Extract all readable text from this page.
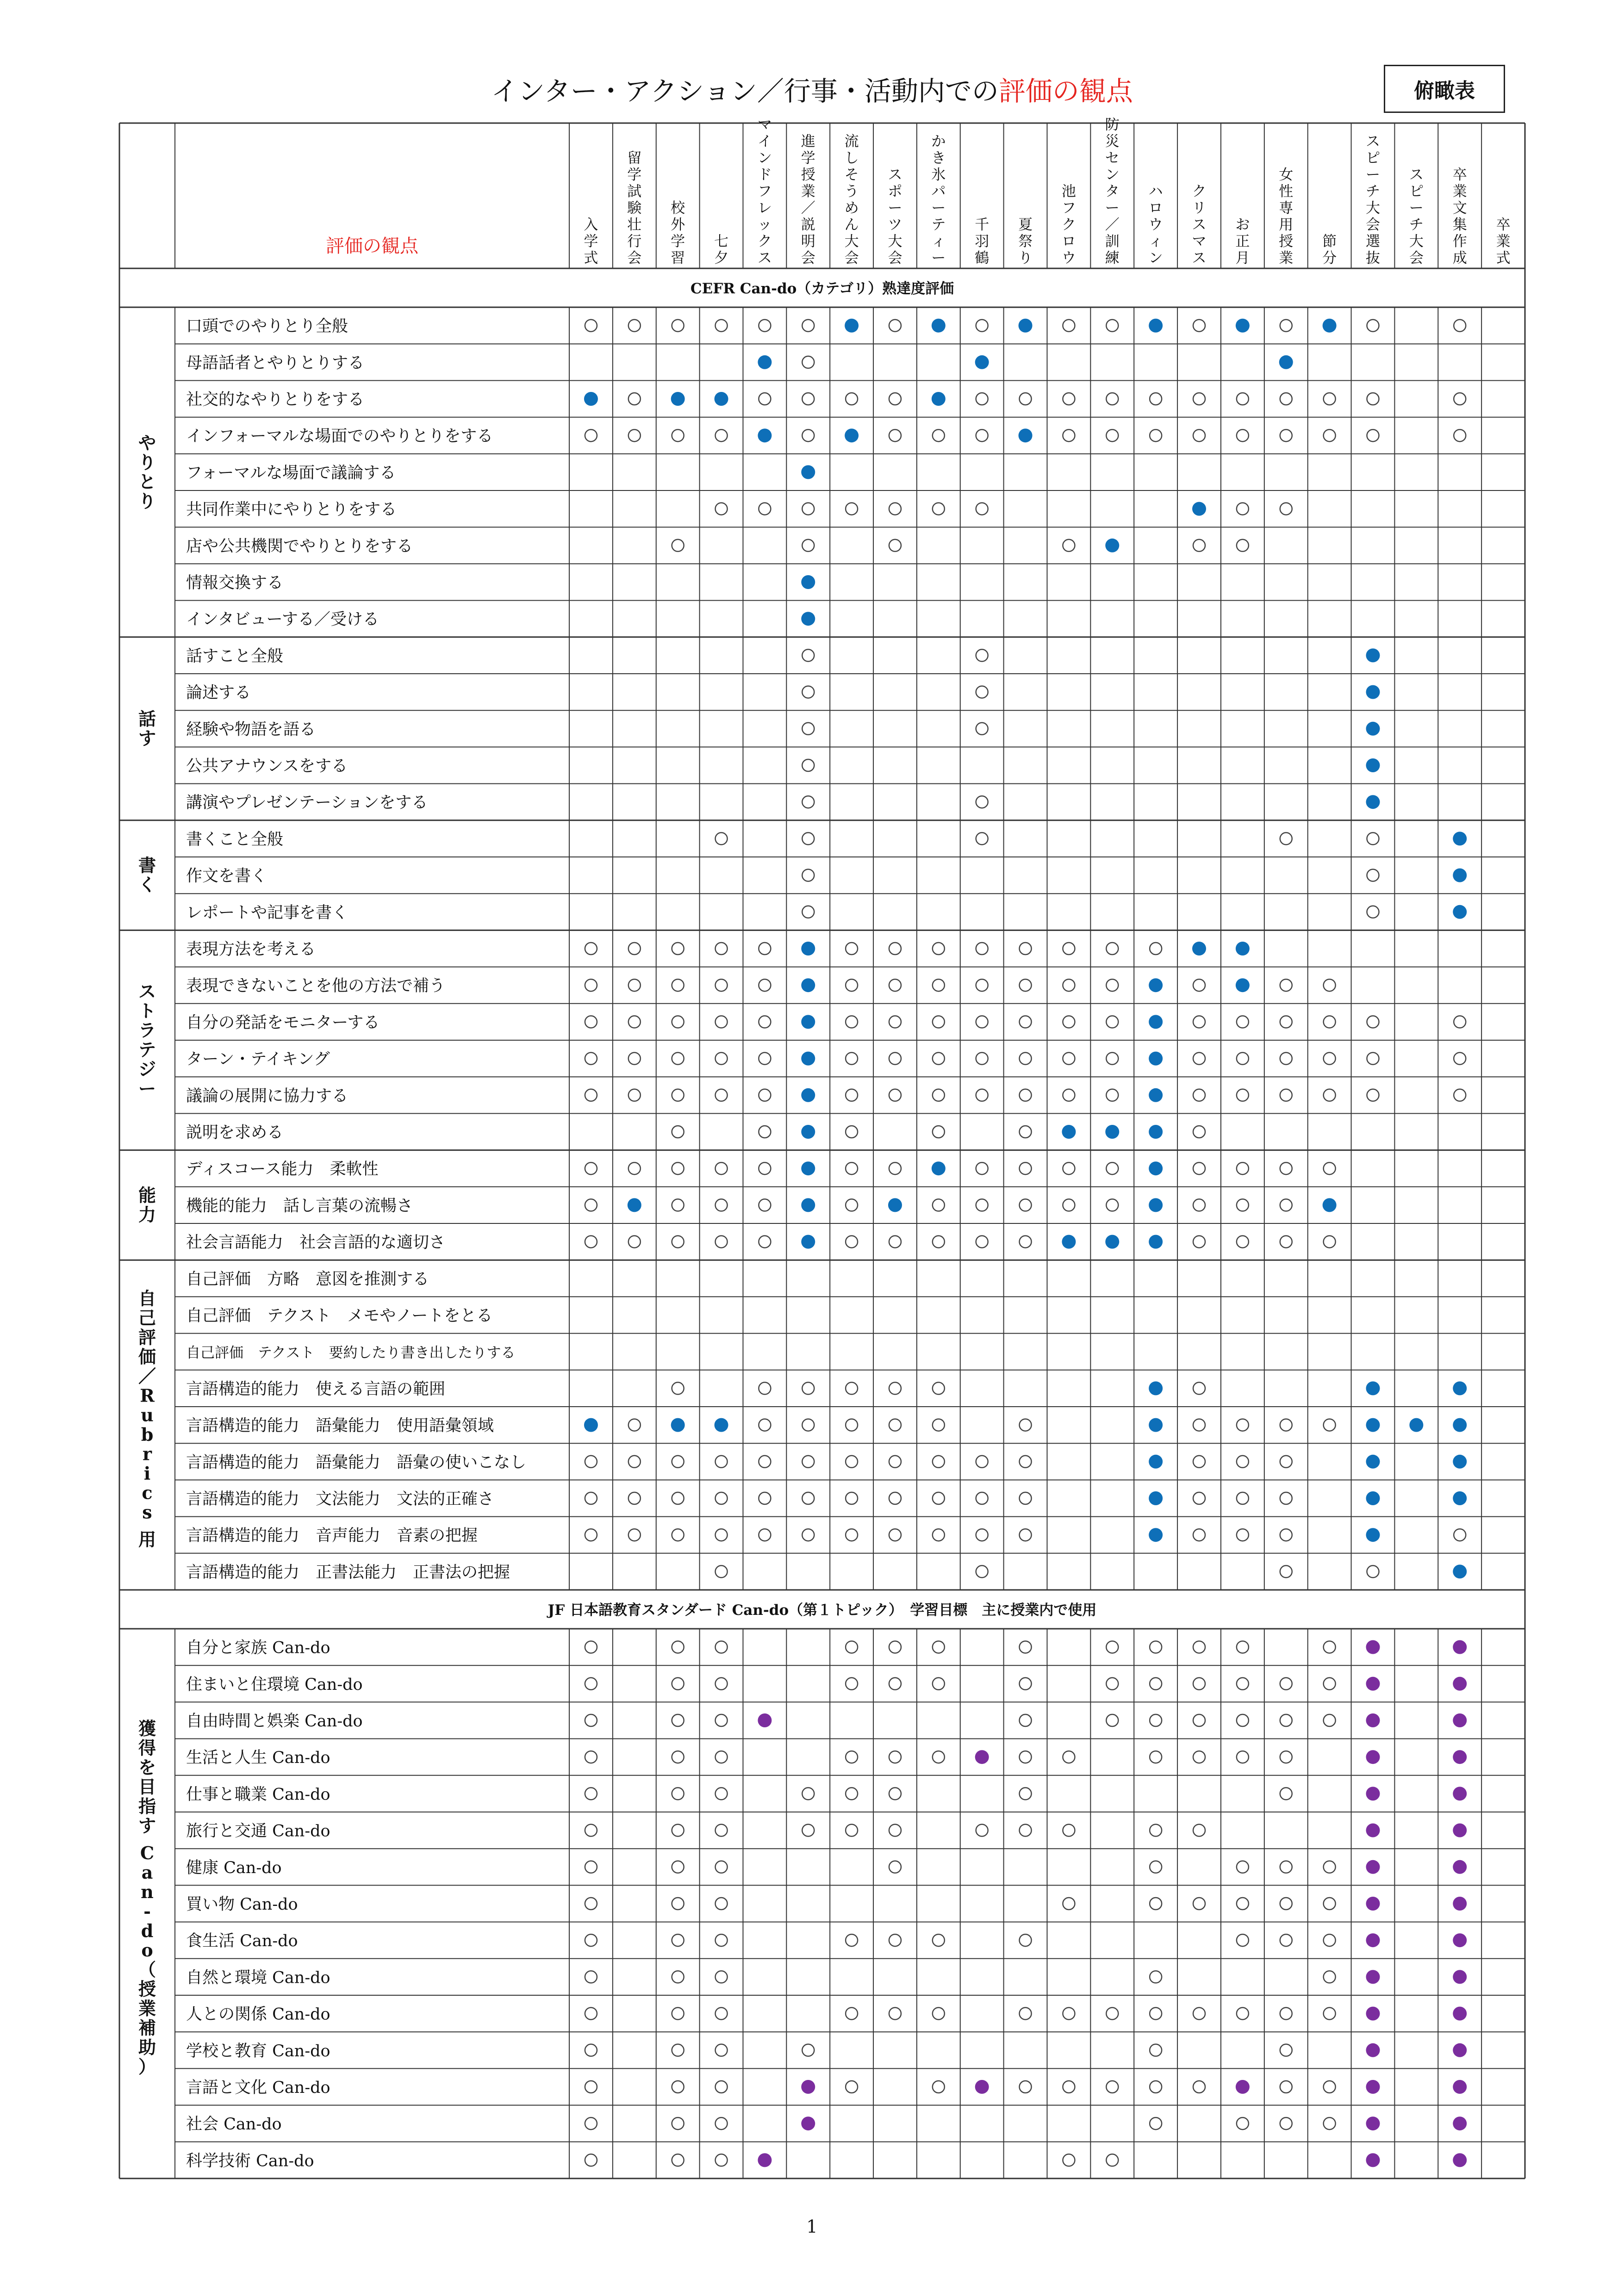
インター・アクション／行事・活動内での評価の観点	俯瞰表
評価の観点
入学式
留学試験壮行会
校外学習
七夕
マインドフレックス
進学授業／説明会
流しそうめん大会
スポーツ大会
かき氷パーティー
千羽鶴
夏祭り
池フクロウ
防災センター／訓練
ハロウィン
クリスマス
お正月
女性専用授業
節分
スピーチ大会選抜
スピーチ大会
卒業文集作成
卒業式
CEFR Can-do（カテゴリ）熟達度評価
口頭でのやりとり全般
母語話者とやりとりする
社交的なやりとりをする
インフォーマルな場面でのやりとりをする
フォーマルな場面で議論する
共同作業中にやりとりをする
店や公共機関でやりとりをする
情報交換する
インタビューする／受ける
やりとり
話すこと全般
論述する
経験や物語を語る
公共アナウンスをする
講演やプレゼンテーションをする
話す
書くこと全般
作文を書く
レポートや記事を書く
書く
表現方法を考える
表現できないことを他の方法で補う
自分の発話をモニターする
ターン・テイキング
議論の展開に協力する
説明を求める
ストラテジー
ディスコース能力　柔軟性
機能的能力　話し言葉の流暢さ
社会言語能力　社会言語的な適切さ
能力
自己評価　方略　意図を推測する
自己評価　テクスト　メモやノートをとる
自己評価　テクスト　要約したり書き出したりする
言語構造的能力　使える言語の範囲
言語構造的能力　語彙能力　使用語彙領域
言語構造的能力　語彙能力　語彙の使いこなし
言語構造的能力　文法能力　文法的正確さ
言語構造的能力　音声能力　音素の把握
言語構造的能力　正書法能力　正書法の把握
自己評価／ R u b r i c s 用
JF 日本語教育スタンダード Can-do（第１トピック）　学習目標　主に授業内で使用
自分と家族 Can-do
住まいと住環境 Can-do
自由時間と娯楽 Can-do
生活と人生 Can-do
仕事と職業 Can-do
旅行と交通 Can-do
健康 Can-do
買い物 Can-do
食生活 Can-do
自然と環境 Can-do
人との関係 Can-do
学校と教育 Can-do
言語と文化 Can-do
社会 Can-do
科学技術 Can-do
獲得を目指す C a n -d o （授業補助）
1
